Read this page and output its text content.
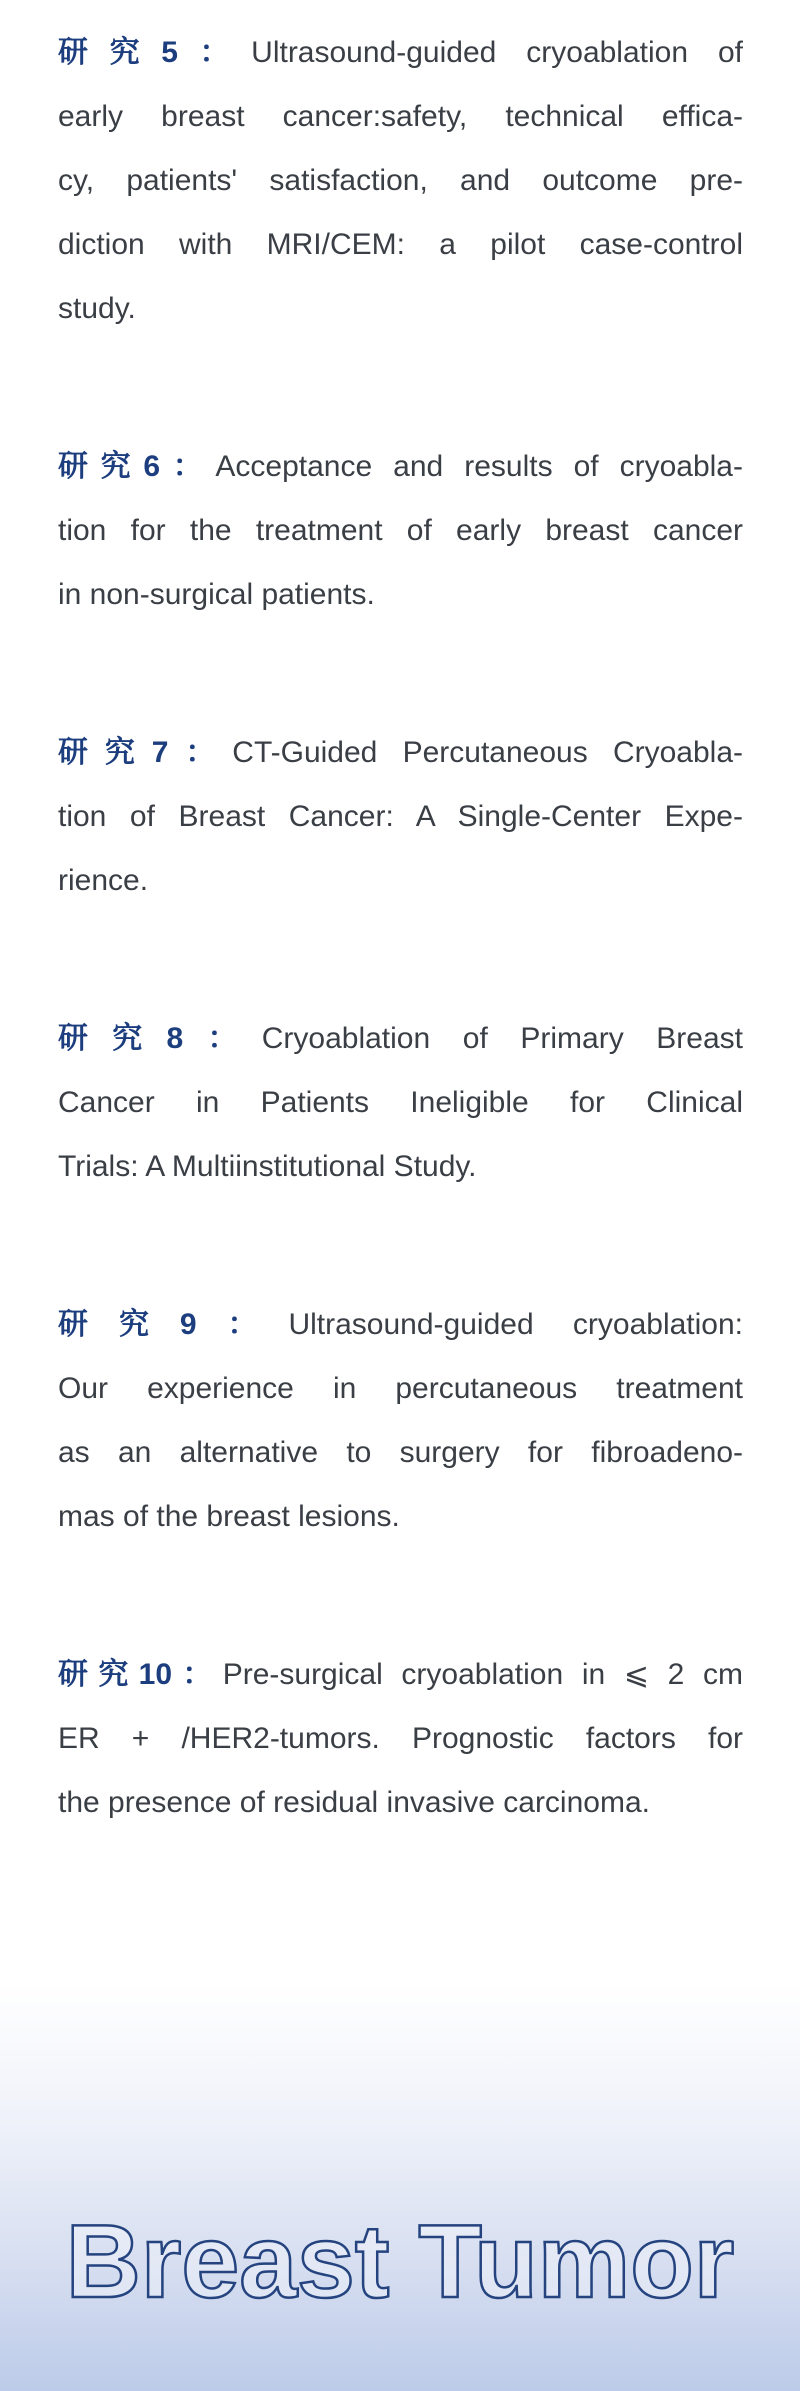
研究5：Ultrasound-guided cryoablation of
early breast cancer:safety, technical effica-
cy, patients' satisfaction, and outcome pre-
diction with MRI/CEM: a pilot case-control
study.

研究6：Acceptance and results of cryoabla-
tion for the treatment of early breast cancer
in non-surgical patients.

研究7：CT-Guided Percutaneous Cryoabla-
tion of Breast Cancer: A Single-Center Expe-
rience.

研究8：Cryoablation of Primary Breast
Cancer in Patients Ineligible for Clinical
Trials: A Multiinstitutional Study.

研究9：Ultrasound-guided cryoablation:
Our experience in percutaneous treatment
as an alternative to surgery for fibroadeno-
mas of the breast lesions.

研究10：Pre-surgical cryoablation in ⩽ 2 cm
ER + /HER2-tumors. Prognostic factors for
the presence of residual invasive carcinoma.

Breast Tumor
